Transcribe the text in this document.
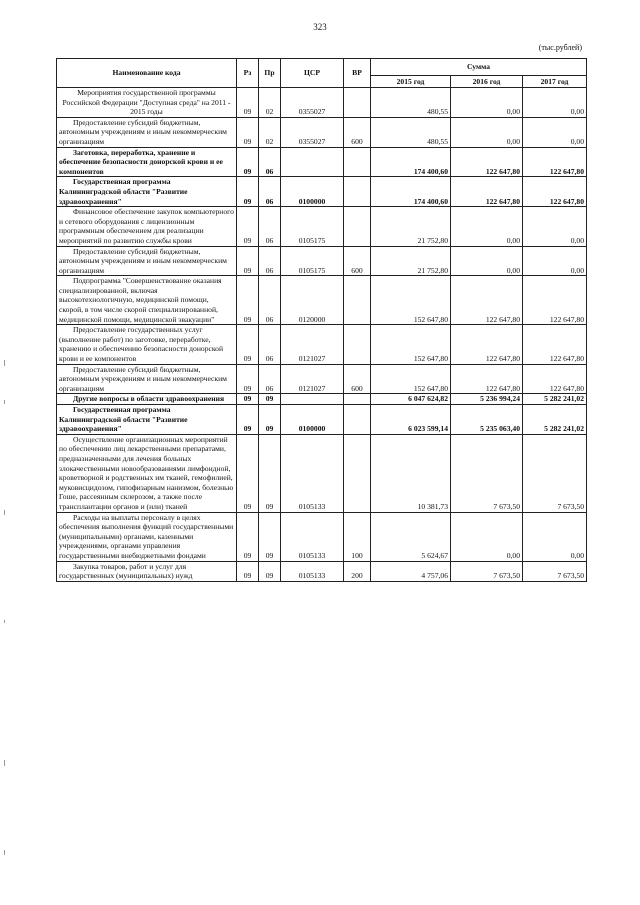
323
(тыс.рублей)
Наименование кода	Рз	Пр	ЦСР	ВР	Сумма		
					2015 год	2016 год	2017 год
Мероприятия государственной программы Российской Федерации "Доступная среда" на 2011 - 2015 годы	09	02	0355027		480,55	0,00	0,00
Предоставление субсидий бюджетным, автономным учреждениям и иным некоммерческим организациям	09	02	0355027	600	480,55	0,00	0,00
Заготовка, переработка, хранение и обеспечение безопасности донорской крови и ее компонентов	09	06			174 400,60	122 647,80	122 647,80
Государственная программа Калининградской области "Развитие здравоохранения"	09	06	0100000		174 400,60	122 647,80	122 647,80
Финансовое обеспечение закупок компьютерного и сетевого оборудования с лицензионным программным обеспечением для реализации мероприятий по развитию службы крови	09	06	0105175		21 752,80	0,00	0,00
Предоставление субсидий бюджетным, автономным учреждениям и иным некоммерческим организациям	09	06	0105175	600	21 752,80	0,00	0,00
Подпрограмма "Совершенствование оказания специализированной, включая высокотехнологичную, медицинской помощи, скорой, в том числе скорой специализированной, медицинской помощи, медицинской эвакуации"	09	06	0120000		152 647,80	122 647,80	122 647,80
Предоставление государственных услуг (выполнение работ) по заготовке, переработке, хранению и обеспечению безопасности донорской крови и ее компонентов	09	06	0121027		152 647,80	122 647,80	122 647,80
Предоставление субсидий бюджетным, автономным учреждениям и иным некоммерческим организациям	09	06	0121027	600	152 647,80	122 647,80	122 647,80
Другие вопросы в области здравоохранения	09	09			6 047 624,82	5 236 994,24	5 282 241,02
Государственная программа Калининградской области "Развитие здравоохранения"	09	09	0100000		6 023 599,14	5 235 063,40	5 282 241,02
Осуществление организационных мероприятий по обеспечению лиц лекарственными препаратами, предназначенными для лечения больных злокачественными новообразованиями лимфоидной, кроветворной и родственных им тканей, гемофилией, муковисцидозом, гипофизарным нанизмом, болезнью Гоше, рассеянным склерозом, а также после трансплантации органов и (или) тканей	09	09	0105133		10 381,73	7 673,50	7 673,50
Расходы на выплаты персоналу в целях обеспечения выполнения функций государственными (муниципальными) органами, казенными учреждениями, органами управления государственными внебюджетными фондами	09	09	0105133	100	5 624,67	0,00	0,00
Закупка товаров, работ и услуг для государственных (муниципальных) нужд	09	09	0105133	200	4 757,06	7 673,50	7 673,50
